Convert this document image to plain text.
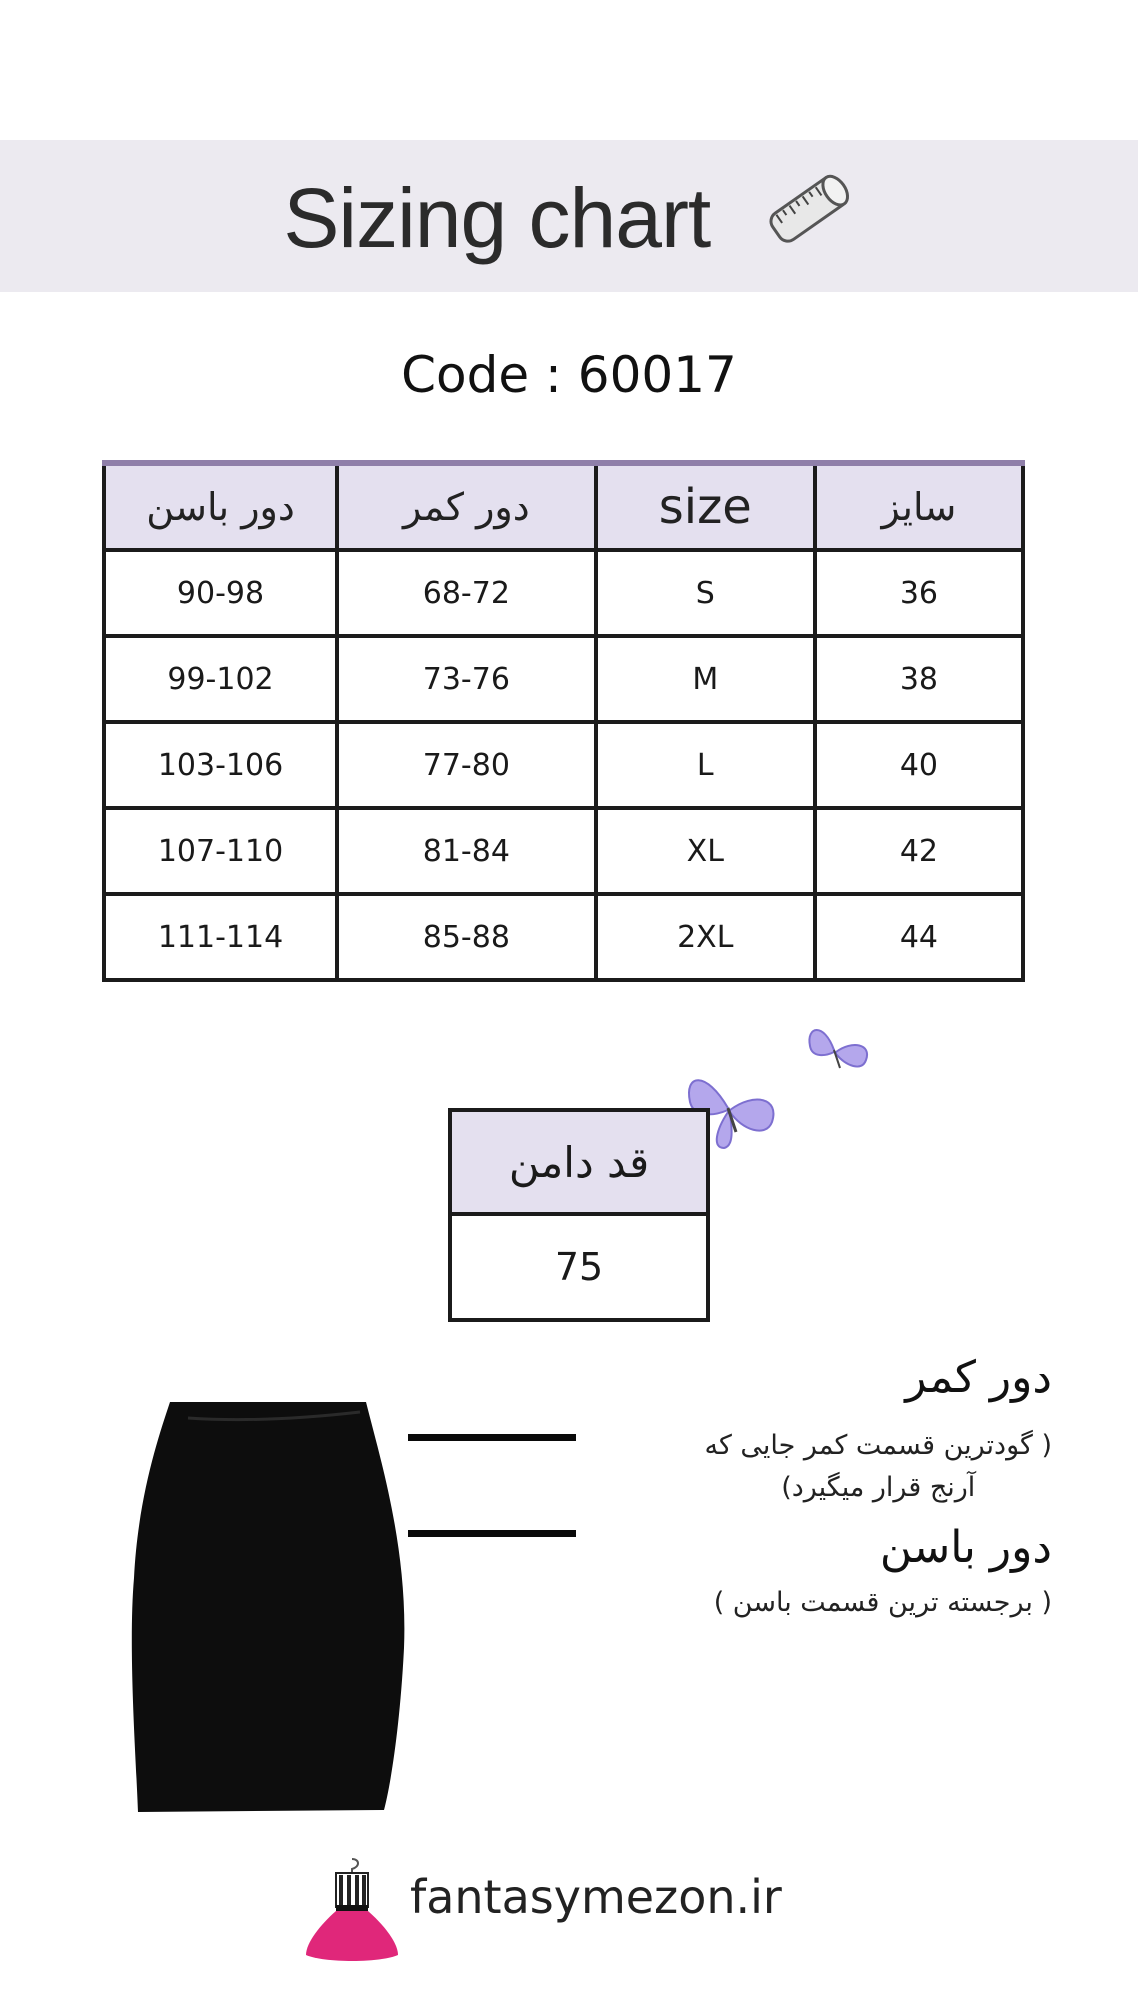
Sizing chart
Code : 60017
دور باسن	دور کمر	size	سایز
90-98	68-72	S	36
99-102	73-76	M	38
103-106	77-80	L	40
107-110	81-84	XL	42
111-114	85-88	2XL	44
قد دامن
75
دور کمر
( گودترین قسمت کمر جایی که
آرنج قرار میگیرد)
دور باسن
( برجسته ترین قسمت باسن )
fantasymezon.ir
